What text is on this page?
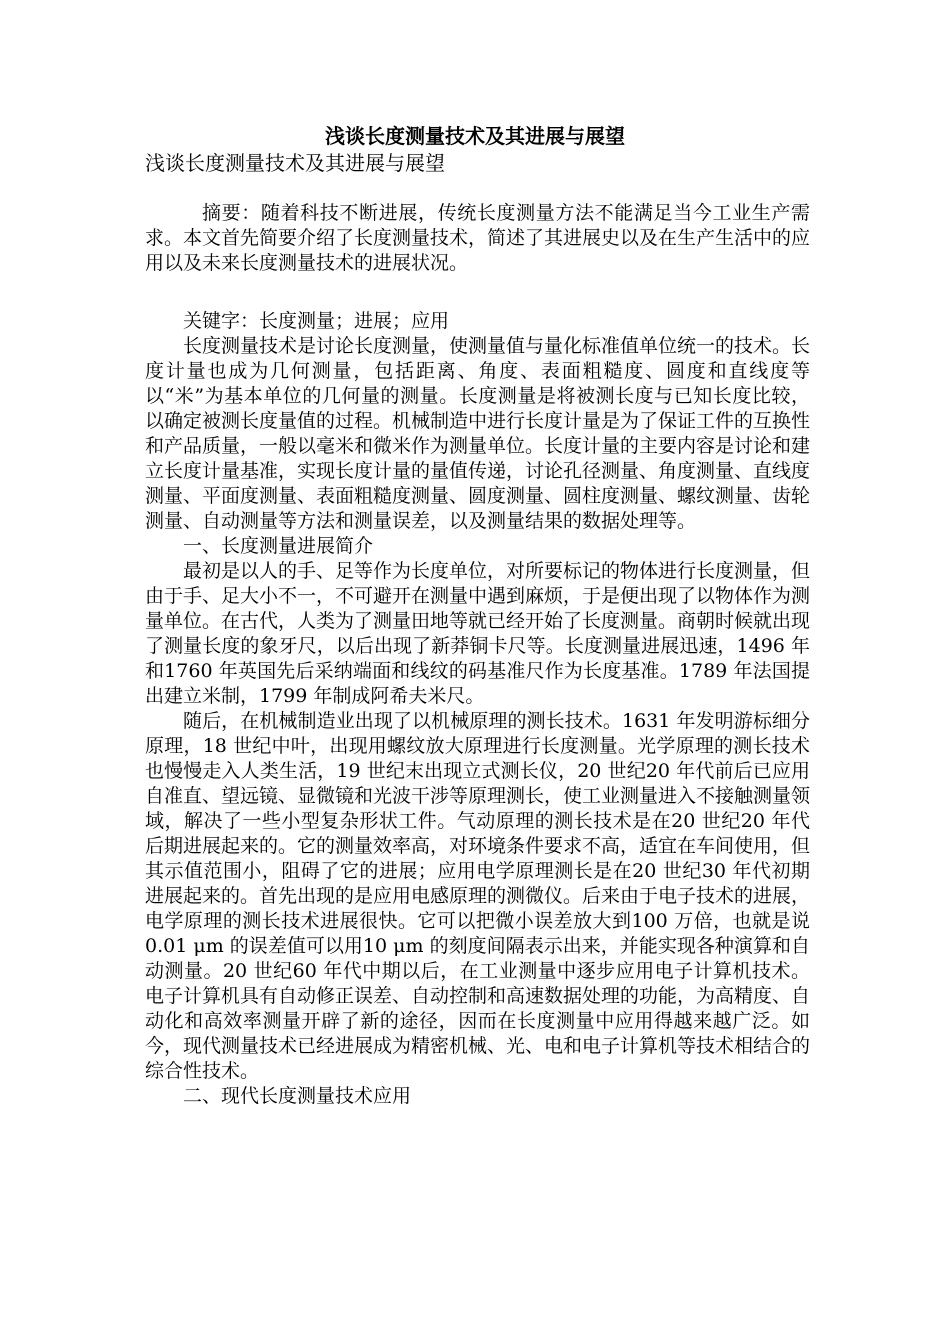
浅谈长度测量技术及其进展与展望
浅谈长度测量技术及其进展与展望

摘要：随着科技不断进展，传统长度测量方法不能满足当今工业生产需求。本文首先简要介绍了长度测量技术，简述了其进展史以及在生产生活中的应用以及未来长度测量技术的进展状况。

关键字：长度测量；进展；应用

长度测量技术是讨论长度测量，使测量值与量化标准值单位统一的技术。长度计量也成为几何测量，包括距离、角度、表面粗糙度、圆度和直线度等以“米”为基本单位的几何量的测量。长度测量是将被测长度与已知长度比较，以确定被测长度量值的过程。机械制造中进行长度计量是为了保证工件的互换性和产品质量，一般以毫米和微米作为测量单位。长度计量的主要内容是讨论和建立长度计量基准，实现长度计量的量值传递，讨论孔径测量、角度测量、直线度测量、平面度测量、表面粗糙度测量、圆度测量、圆柱度测量、螺纹测量、齿轮测量、自动测量等方法和测量误差，以及测量结果的数据处理等。

一、长度测量进展简介

最初是以人的手、足等作为长度单位，对所要标记的物体进行长度测量，但由于手、足大小不一，不可避开在测量中遇到麻烦，于是便出现了以物体作为测量单位。在古代，人类为了测量田地等就已经开始了长度测量。商朝时候就出现了测量长度的象牙尺，以后出现了新莽铜卡尺等。长度测量进展迅速，1496 年和1760 年英国先后采纳端面和线纹的码基准尺作为长度基准。1789 年法国提出建立米制，1799 年制成阿希夫米尺。

随后，在机械制造业出现了以机械原理的测长技术。1631 年发明游标细分原理，18 世纪中叶，出现用螺纹放大原理进行长度测量。光学原理的测长技术也慢慢走入人类生活，19 世纪末出现立式测长仪，20 世纪20 年代前后已应用自准直、望远镜、显微镜和光波干涉等原理测长，使工业测量进入不接触测量领域，解决了一些小型复杂形状工件。气动原理的测长技术是在20 世纪20 年代后期进展起来的。它的测量效率高，对环境条件要求不高，适宜在车间使用，但其示值范围小，阻碍了它的进展；应用电学原理测长是在20 世纪30 年代初期进展起来的。首先出现的是应用电感原理的测微仪。后来由于电子技术的进展，电学原理的测长技术进展很快。它可以把微小误差放大到100 万倍，也就是说0.01 μm 的误差值可以用10 μm 的刻度间隔表示出来，并能实现各种演算和自动测量。20 世纪60 年代中期以后，在工业测量中逐步应用电子计算机技术。电子计算机具有自动修正误差、自动控制和高速数据处理的功能，为高精度、自动化和高效率测量开辟了新的途径，因而在长度测量中应用得越来越广泛。如今，现代测量技术已经进展成为精密机械、光、电和电子计算机等技术相结合的综合性技术。

二、现代长度测量技术应用
